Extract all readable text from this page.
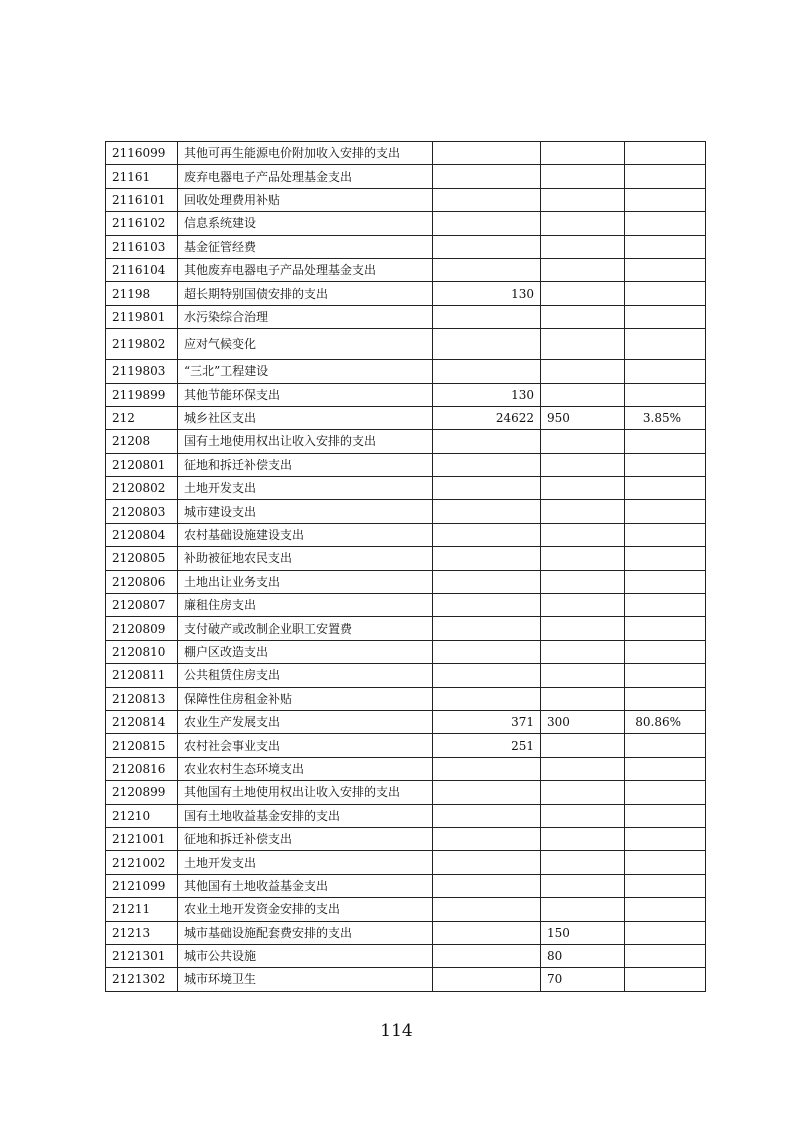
2116099	其他可再生能源电价附加收入安排的支出			
21161	废弃电器电子产品处理基金支出			
2116101	回收处理费用补贴			
2116102	信息系统建设			
2116103	基金征管经费			
2116104	其他废弃电器电子产品处理基金支出			
21198	超长期特别国债安排的支出	130		
2119801	水污染综合治理			
2119802	应对气候变化			
2119803	“三北”工程建设			
2119899	其他节能环保支出	130		
212	城乡社区支出	24622	950	3.85%
21208	国有土地使用权出让收入安排的支出			
2120801	征地和拆迁补偿支出			
2120802	土地开发支出			
2120803	城市建设支出			
2120804	农村基础设施建设支出			
2120805	补助被征地农民支出			
2120806	土地出让业务支出			
2120807	廉租住房支出			
2120809	支付破产或改制企业职工安置费			
2120810	棚户区改造支出			
2120811	公共租赁住房支出			
2120813	保障性住房租金补贴			
2120814	农业生产发展支出	371	300	80.86%
2120815	农村社会事业支出	251		
2120816	农业农村生态环境支出			
2120899	其他国有土地使用权出让收入安排的支出			
21210	国有土地收益基金安排的支出			
2121001	征地和拆迁补偿支出			
2121002	土地开发支出			
2121099	其他国有土地收益基金支出			
21211	农业土地开发资金安排的支出			
21213	城市基础设施配套费安排的支出		150	
2121301	城市公共设施		80	
2121302	城市环境卫生		70	
114
